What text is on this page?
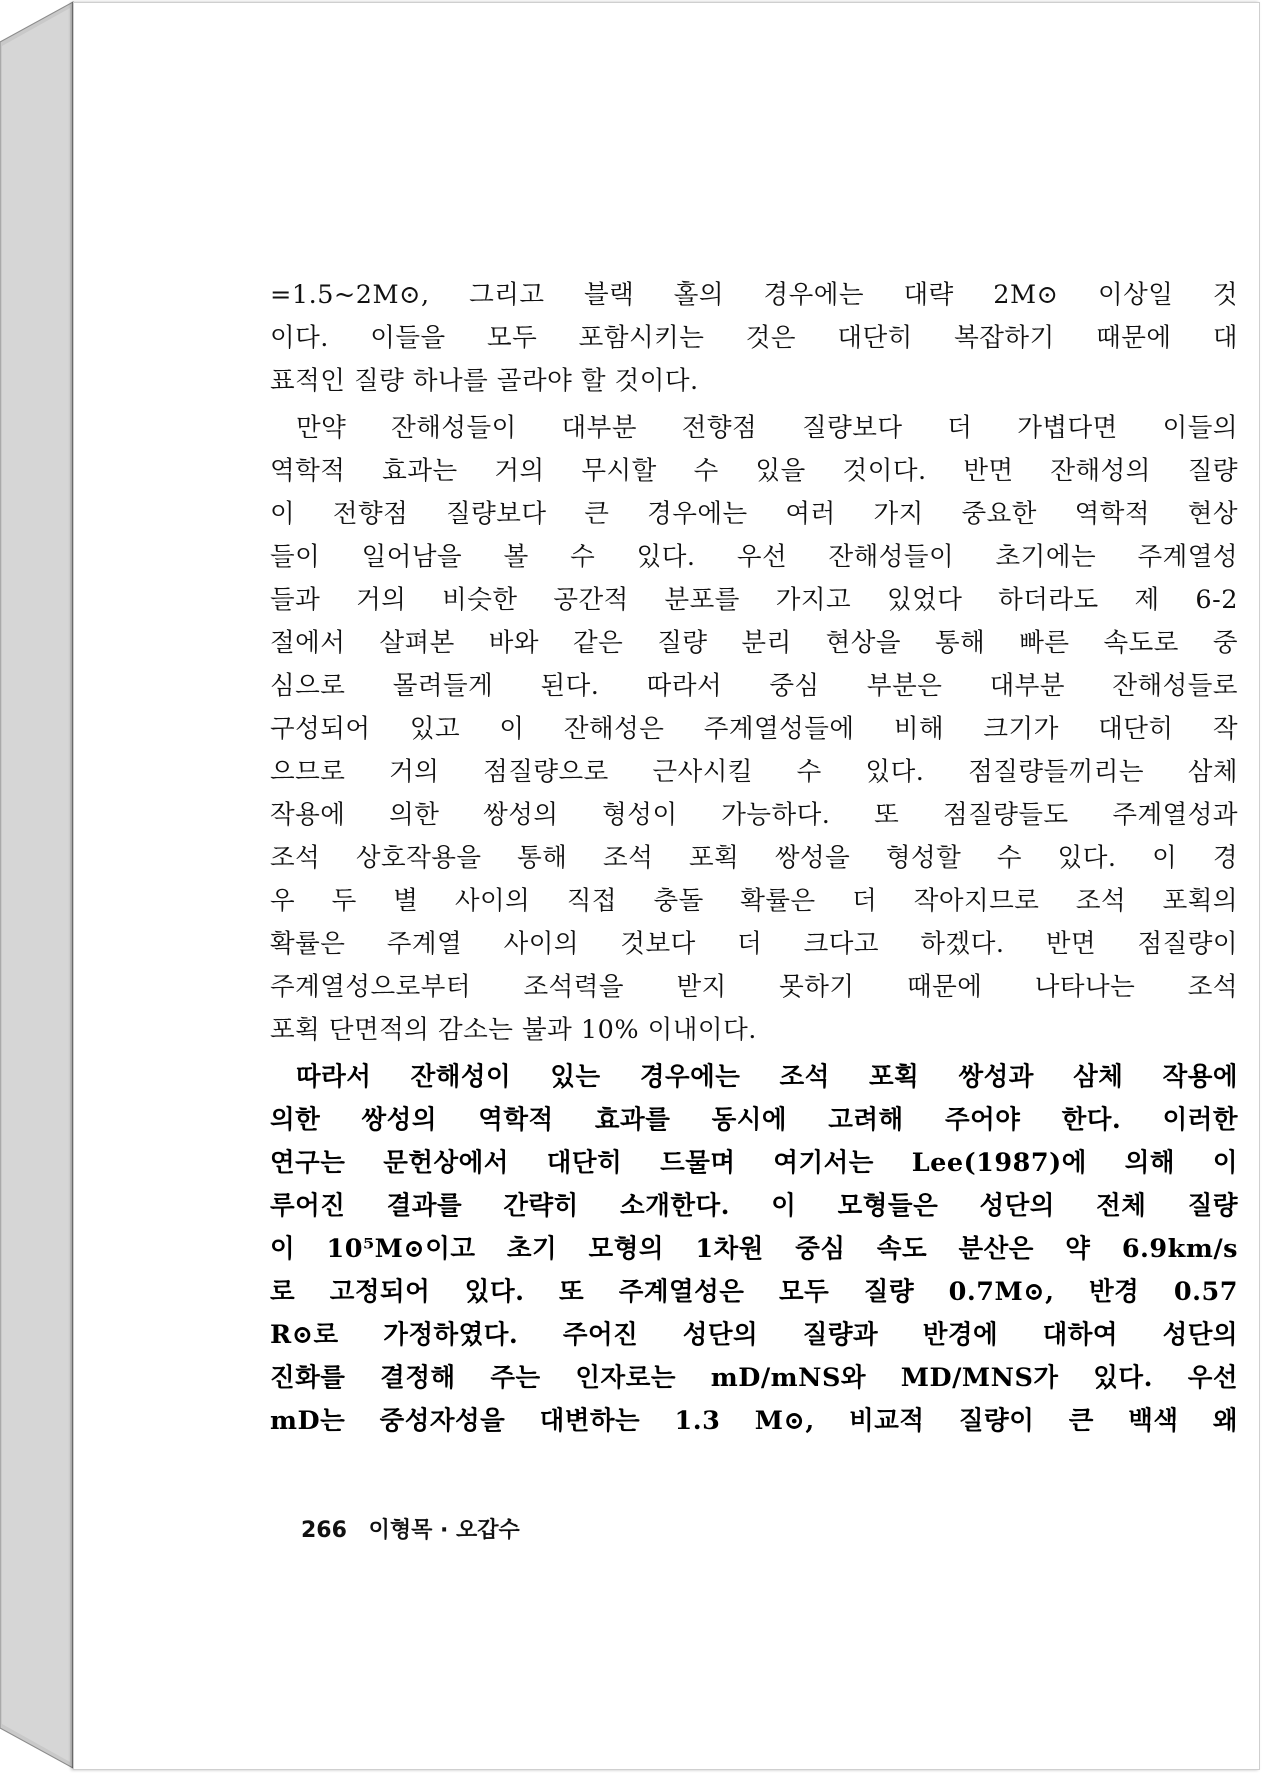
=1.5~2M⊙, 그리고 블랙 홀의 경우에는 대략 2M⊙ 이상일 것
이다. 이들을 모두 포함시키는 것은 대단히 복잡하기 때문에 대
표적인 질량 하나를 골라야 할 것이다.
만약 잔해성들이 대부분 전향점 질량보다 더 가볍다면 이들의
역학적 효과는 거의 무시할 수 있을 것이다. 반면 잔해성의 질량
이 전향점 질량보다 큰 경우에는 여러 가지 중요한 역학적 현상
들이 일어남을 볼 수 있다. 우선 잔해성들이 초기에는 주계열성
들과 거의 비슷한 공간적 분포를 가지고 있었다 하더라도 제 6-2
절에서 살펴본 바와 같은 질량 분리 현상을 통해 빠른 속도로 중
심으로 몰려들게 된다. 따라서 중심 부분은 대부분 잔해성들로
구성되어 있고 이 잔해성은 주계열성들에 비해 크기가 대단히 작
으므로 거의 점질량으로 근사시킬 수 있다. 점질량들끼리는 삼체
작용에 의한 쌍성의 형성이 가능하다. 또 점질량들도 주계열성과
조석 상호작용을 통해 조석 포획 쌍성을 형성할 수 있다. 이 경
우 두 별 사이의 직접 충돌 확률은 더 작아지므로 조석 포획의
확률은 주계열 사이의 것보다 더 크다고 하겠다. 반면 점질량이
주계열성으로부터 조석력을 받지 못하기 때문에 나타나는 조석
포획 단면적의 감소는 불과 10% 이내이다.
따라서 잔해성이 있는 경우에는 조석 포획 쌍성과 삼체 작용에
의한 쌍성의 역학적 효과를 동시에 고려해 주어야 한다. 이러한
연구는 문헌상에서 대단히 드물며 여기서는 Lee(1987)에 의해 이
루어진 결과를 간략히 소개한다. 이 모형들은 성단의 전체 질량
이 10⁵M⊙이고 초기 모형의 1차원 중심 속도 분산은 약 6.9km/s
로 고정되어 있다. 또 주계열성은 모두 질량 0.7M⊙, 반경 0.57
R⊙로 가정하였다. 주어진 성단의 질량과 반경에 대하여 성단의
진화를 결정해 주는 인자로는 mD/mNS와 MD/MNS가 있다. 우선
mD는 중성자성을 대변하는 1.3 M⊙, 비교적 질량이 큰 백색 왜
266 이형목 · 오갑수
